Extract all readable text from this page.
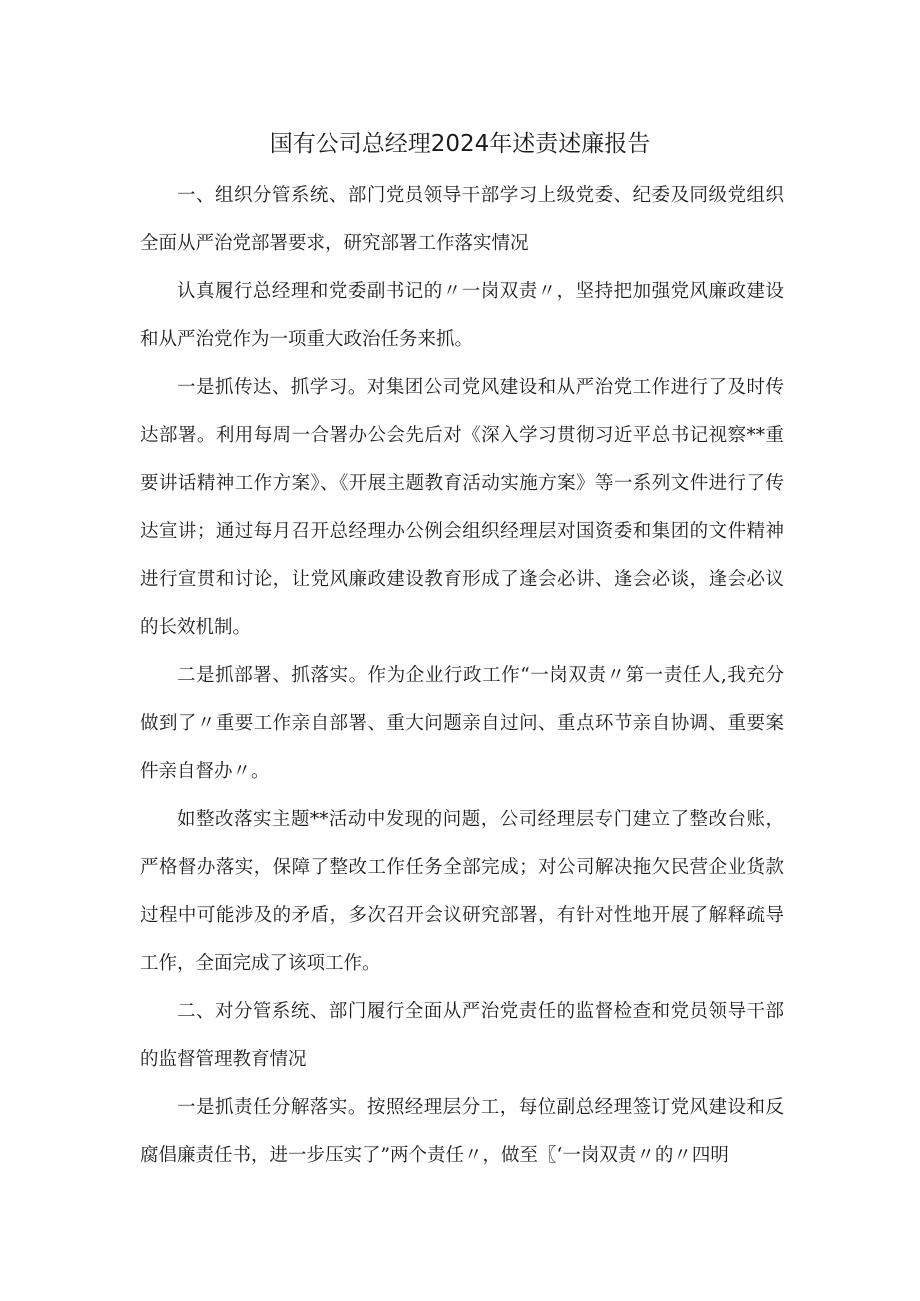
国有公司总经理2024年述责述廉报告

一、组织分管系统、部门党员领导干部学习上级党委、纪委及同级党组织全面从严治党部署要求，研究部署工作落实情况

认真履行总经理和党委副书记的〃一岗双责〃，坚持把加强党风廉政建设和从严治党作为一项重大政治任务来抓。

一是抓传达、抓学习。对集团公司党风建设和从严治党工作进行了及时传达部署。利用每周一合署办公会先后对《深入学习贯彻习近平总书记视察**重要讲话精神工作方案》、《开展主题教育活动实施方案》等一系列文件进行了传达宣讲；通过每月召开总经理办公例会组织经理层对国资委和集团的文件精神进行宣贯和讨论，让党风廉政建设教育形成了逢会必讲、逢会必谈，逢会必议的长效机制。

二是抓部署、抓落实。作为企业行政工作“一岗双责〃第一责任人,我充分做到了〃重要工作亲自部署、重大问题亲自过问、重点环节亲自协调、重要案件亲自督办〃。

如整改落实主题**活动中发现的问题，公司经理层专门建立了整改台账，严格督办落实，保障了整改工作任务全部完成；对公司解决拖欠民营企业货款过程中可能涉及的矛盾，多次召开会议研究部署，有针对性地开展了解释疏导工作，全面完成了该项工作。

二、对分管系统、部门履行全面从严治党责任的监督检查和党员领导干部的监督管理教育情况

一是抓责任分解落实。按照经理层分工，每位副总经理签订党风建设和反腐倡廉责任书，进一步压实了”两个责任〃，做至〖‘一岗双责〃的〃四明
